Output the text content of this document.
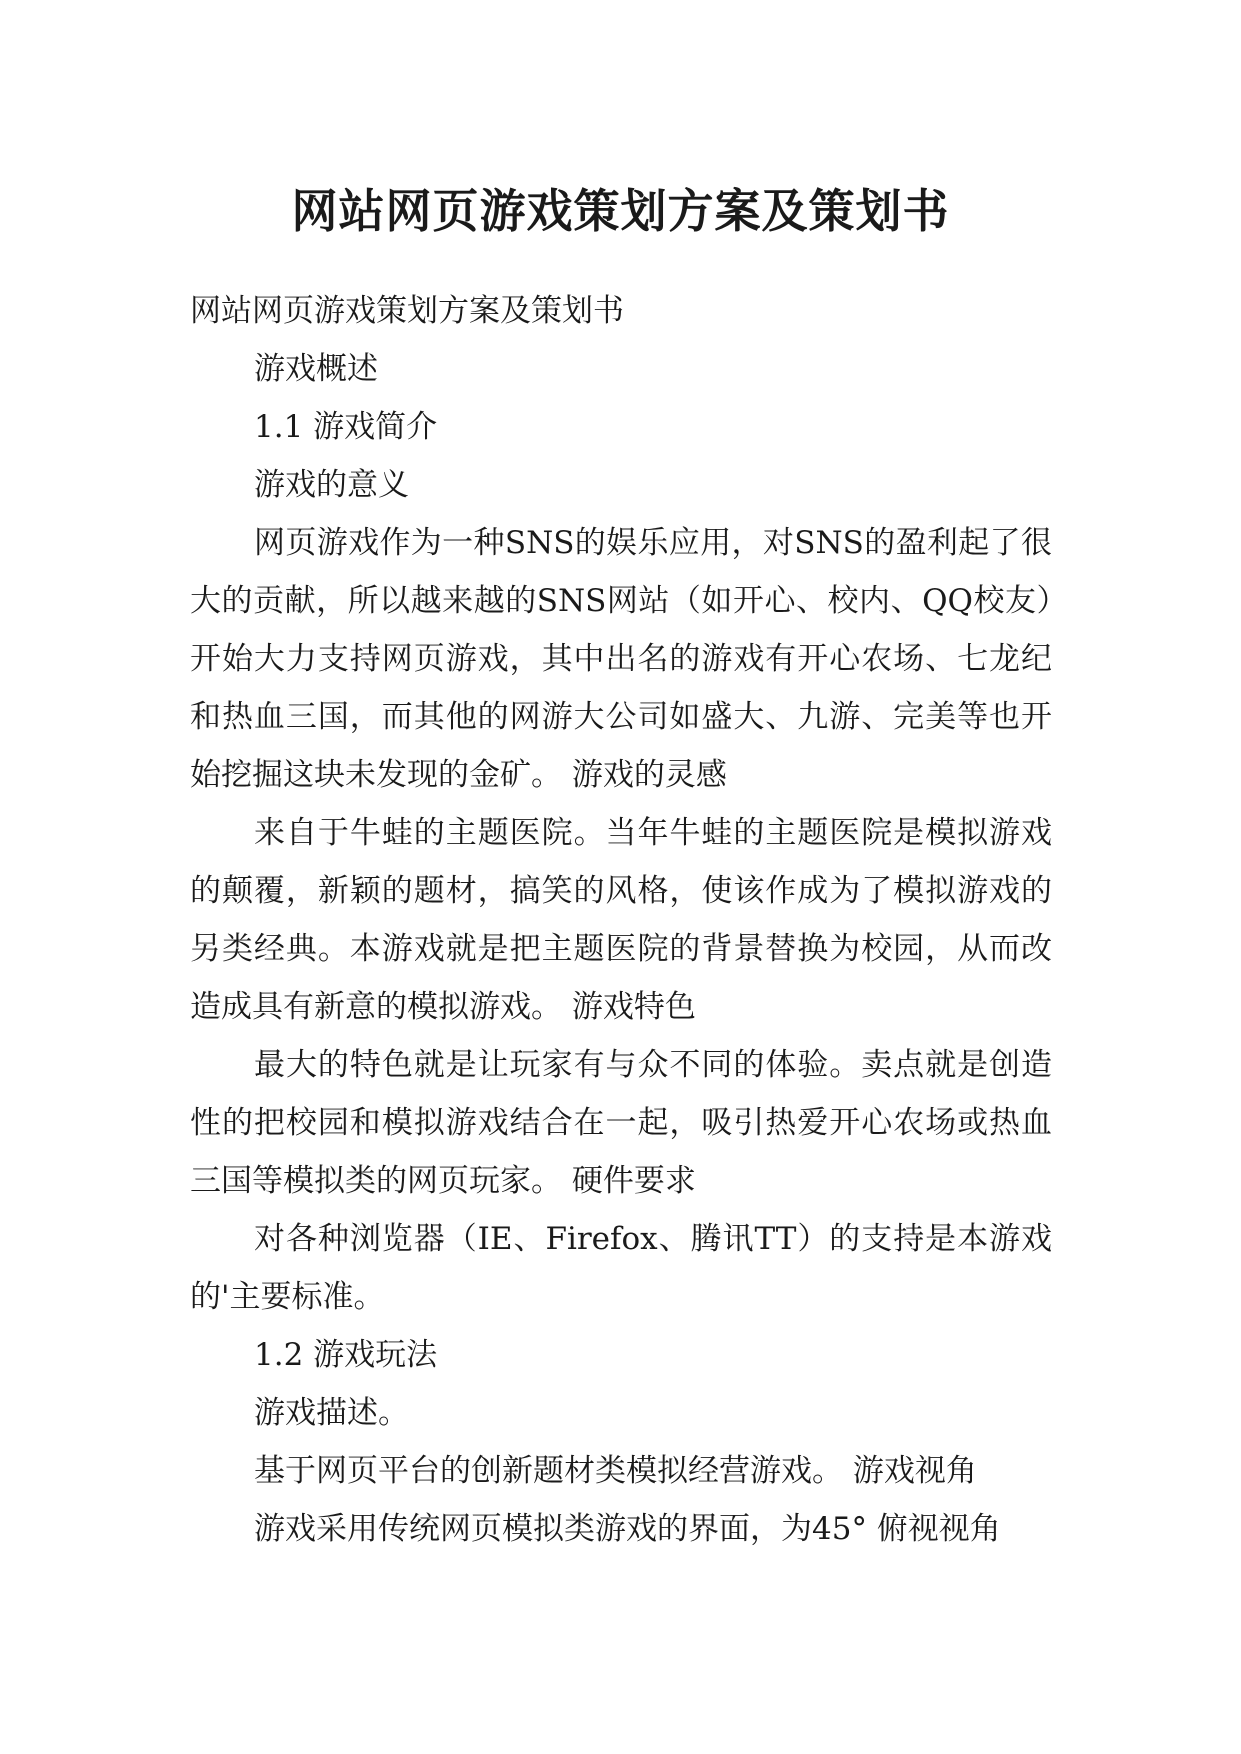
网站网页游戏策划方案及策划书

网站网页游戏策划方案及策划书

游戏概述

1.1 游戏简介

游戏的意义

网页游戏作为一种SNS的娱乐应用，对SNS的盈利起了很大的贡献，所以越来越的SNS网站（如开心、校内、QQ校友）开始大力支持网页游戏，其中出名的游戏有开心农场、七龙纪和热血三国，而其他的网游大公司如盛大、九游、完美等也开始挖掘这块未发现的金矿。 游戏的灵感

来自于牛蛙的主题医院。当年牛蛙的主题医院是模拟游戏的颠覆，新颖的题材，搞笑的风格，使该作成为了模拟游戏的另类经典。本游戏就是把主题医院的背景替换为校园，从而改造成具有新意的模拟游戏。 游戏特色

最大的特色就是让玩家有与众不同的体验。卖点就是创造性的把校园和模拟游戏结合在一起，吸引热爱开心农场或热血三国等模拟类的网页玩家。 硬件要求

对各种浏览器（IE、Firefox、腾讯TT）的支持是本游戏的'主要标准。

1.2 游戏玩法

游戏描述。

基于网页平台的创新题材类模拟经营游戏。 游戏视角

游戏采用传统网页模拟类游戏的界面，为45° 俯视视角
